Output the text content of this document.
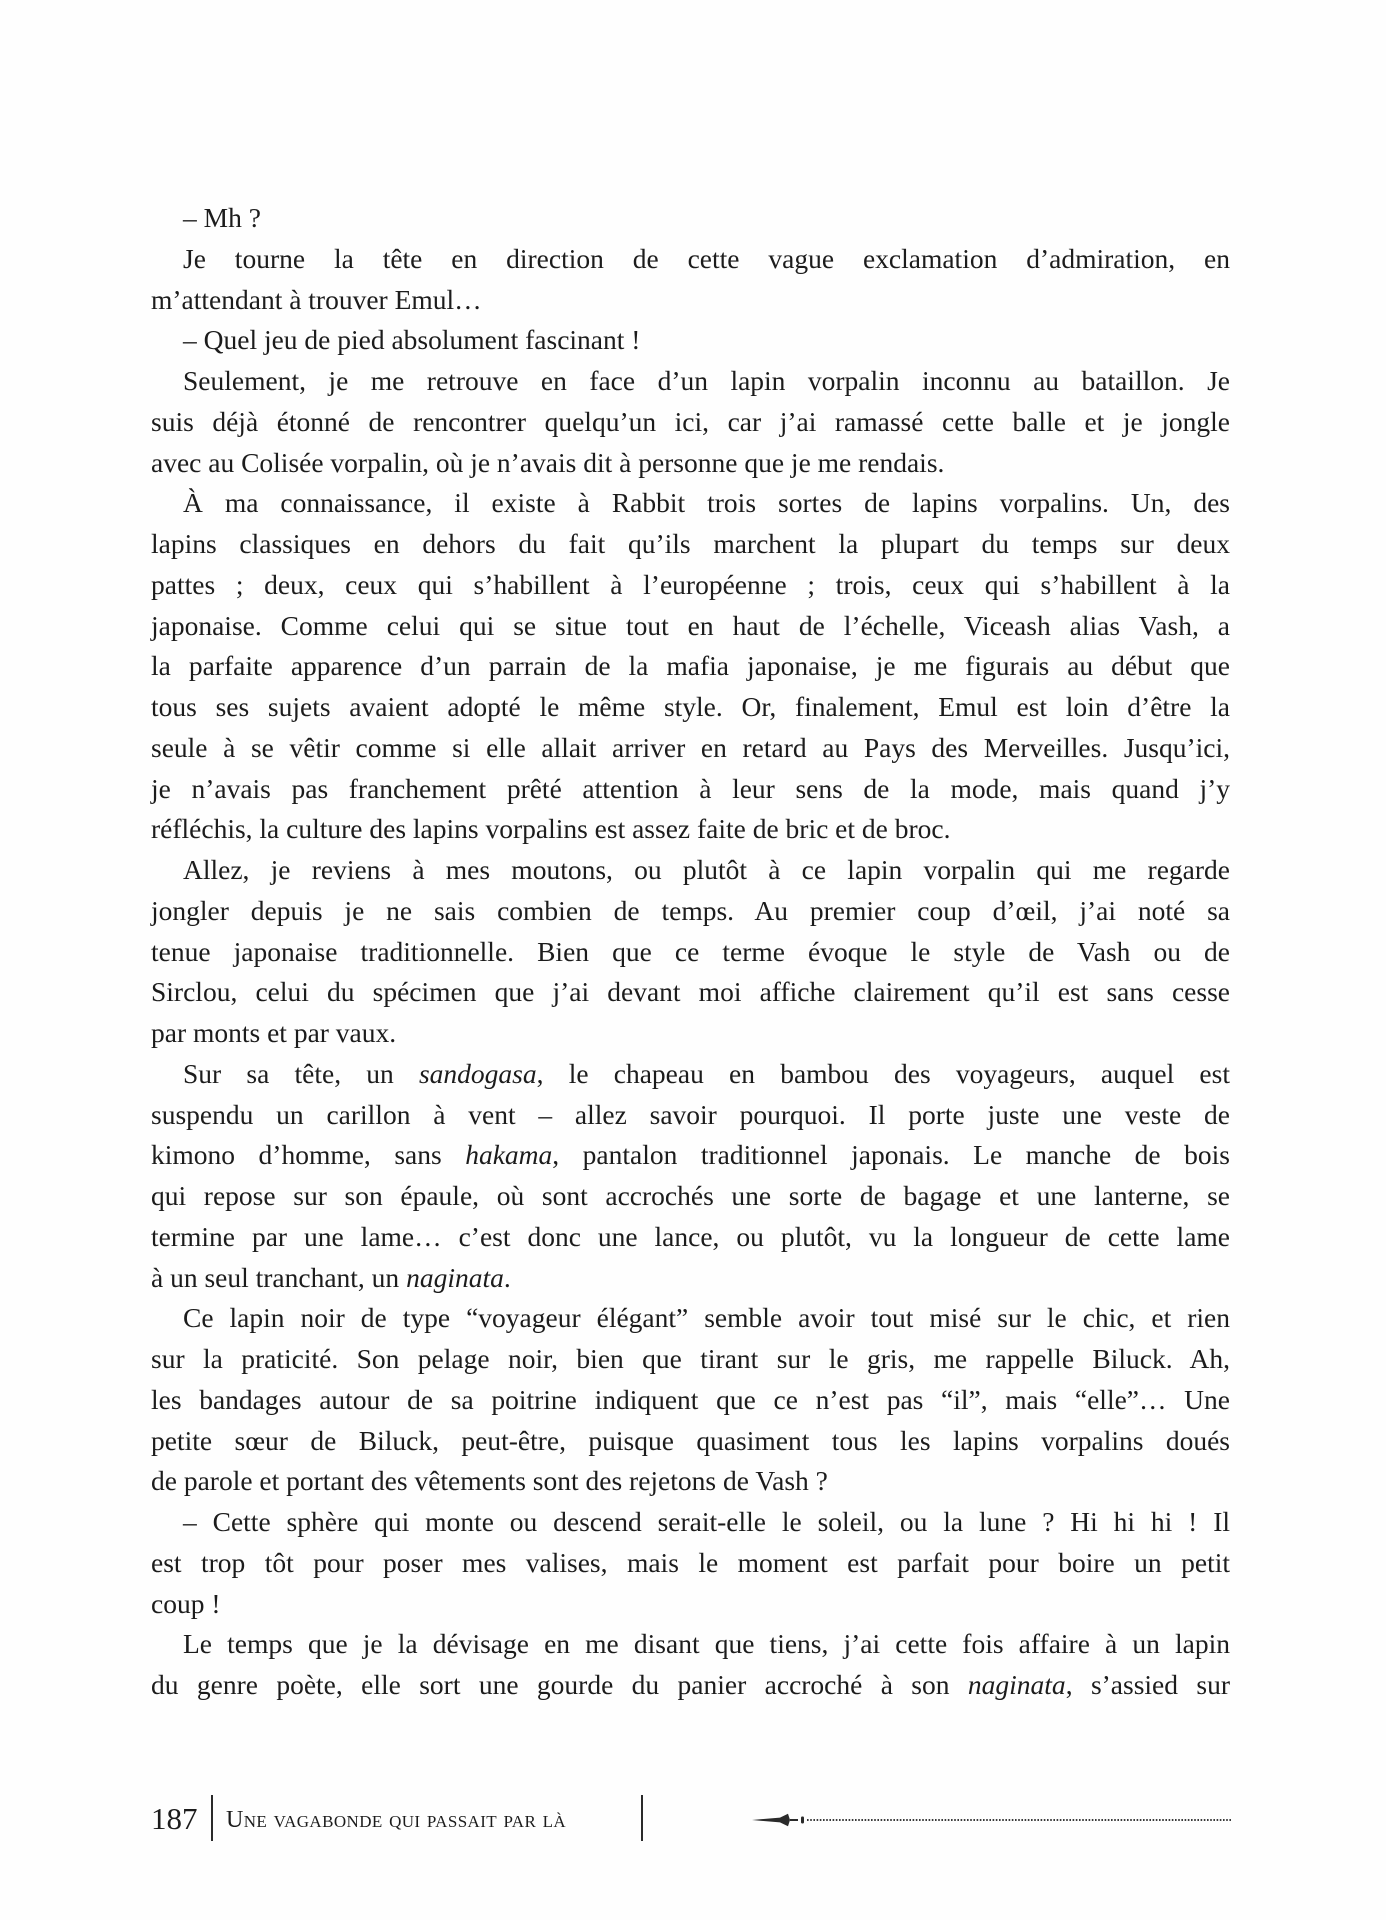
– Mh ?
Je tourne la tête en direction de cette vague exclamation d’admiration, en
m’attendant à trouver Emul…
– Quel jeu de pied absolument fascinant !
Seulement, je me retrouve en face d’un lapin vorpalin inconnu au bataillon. Je
suis déjà étonné de rencontrer quelqu’un ici, car j’ai ramassé cette balle et je jongle
avec au Colisée vorpalin, où je n’avais dit à personne que je me rendais.
À ma connaissance, il existe à Rabbit trois sortes de lapins vorpalins. Un, des
lapins classiques en dehors du fait qu’ils marchent la plupart du temps sur deux
pattes ; deux, ceux qui s’habillent à l’européenne ; trois, ceux qui s’habillent à la
japonaise. Comme celui qui se situe tout en haut de l’échelle, Viceash alias Vash, a
la parfaite apparence d’un parrain de la mafia japonaise, je me figurais au début que
tous ses sujets avaient adopté le même style. Or, finalement, Emul est loin d’être la
seule à se vêtir comme si elle allait arriver en retard au Pays des Merveilles. Jusqu’ici,
je n’avais pas franchement prêté attention à leur sens de la mode, mais quand j’y
réfléchis, la culture des lapins vorpalins est assez faite de bric et de broc.
Allez, je reviens à mes moutons, ou plutôt à ce lapin vorpalin qui me regarde
jongler depuis je ne sais combien de temps. Au premier coup d’œil, j’ai noté sa
tenue japonaise traditionnelle. Bien que ce terme évoque le style de Vash ou de
Sirclou, celui du spécimen que j’ai devant moi affiche clairement qu’il est sans cesse
par monts et par vaux.
Sur sa tête, un sandogasa, le chapeau en bambou des voyageurs, auquel est
suspendu un carillon à vent – allez savoir pourquoi. Il porte juste une veste de
kimono d’homme, sans hakama, pantalon traditionnel japonais. Le manche de bois
qui repose sur son épaule, où sont accrochés une sorte de bagage et une lanterne, se
termine par une lame… c’est donc une lance, ou plutôt, vu la longueur de cette lame
à un seul tranchant, un naginata.
Ce lapin noir de type “voyageur élégant” semble avoir tout misé sur le chic, et rien
sur la praticité. Son pelage noir, bien que tirant sur le gris, me rappelle Biluck. Ah,
les bandages autour de sa poitrine indiquent que ce n’est pas “il”, mais “elle”… Une
petite sœur de Biluck, peut-être, puisque quasiment tous les lapins vorpalins doués
de parole et portant des vêtements sont des rejetons de Vash ?
– Cette sphère qui monte ou descend serait-elle le soleil, ou la lune ? Hi hi hi ! Il
est trop tôt pour poser mes valises, mais le moment est parfait pour boire un petit
coup !
Le temps que je la dévisage en me disant que tiens, j’ai cette fois affaire à un lapin
du genre poète, elle sort une gourde du panier accroché à son naginata, s’assied sur
187 Une vagabonde qui passait par là
